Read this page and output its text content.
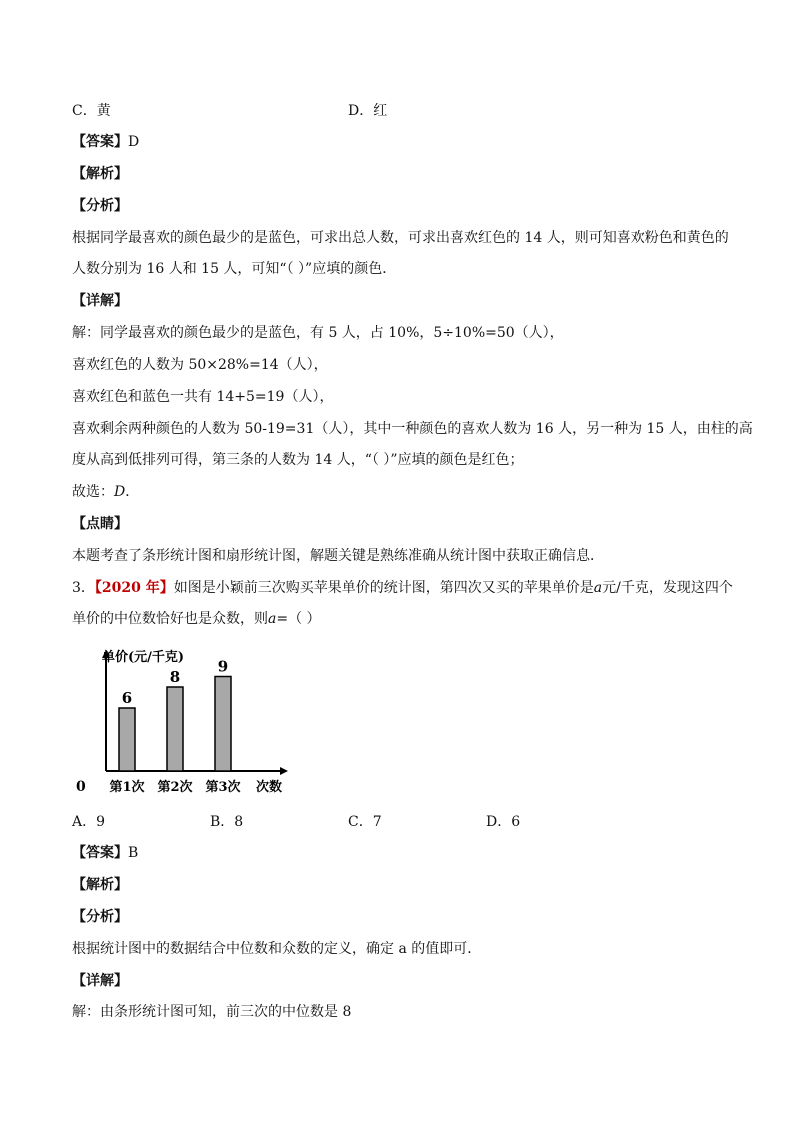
C．黄	D．红
【答案】D
【解析】
【分析】
根据同学最喜欢的颜色最少的是蓝色，可求出总人数，可求出喜欢红色的 14 人，则可知喜欢粉色和黄色的
人数分别为 16 人和 15 人，可知“（ ）”应填的颜色．
【详解】
解：同学最喜欢的颜色最少的是蓝色，有 5 人，占 10%，5÷10%=50（人），
喜欢红色的人数为 50×28%=14（人），
喜欢红色和蓝色一共有 14+5=19（人），
喜欢剩余两种颜色的人数为 50-19=31（人），其中一种颜色的喜欢人数为 16 人，另一种为 15 人，由柱的高
度从高到低排列可得，第三条的人数为 14 人，“（ ）”应填的颜色是红色；
故选：D．
【点睛】
本题考查了条形统计图和扇形统计图，解题关键是熟练准确从统计图中获取正确信息．
3．【2020 年】如图是小颖前三次购买苹果单价的统计图，第四次又买的苹果单价是a元/千克，发现这四个
单价的中位数恰好也是众数，则a=（ ）
单价(元/千克)
0
6
第1次
8
第2次
9
第3次 次数
A．9	B．8	C．7	D．6
【答案】B
【解析】
【分析】
根据统计图中的数据结合中位数和众数的定义，确定 a 的值即可．
【详解】
解：由条形统计图可知，前三次的中位数是 8
